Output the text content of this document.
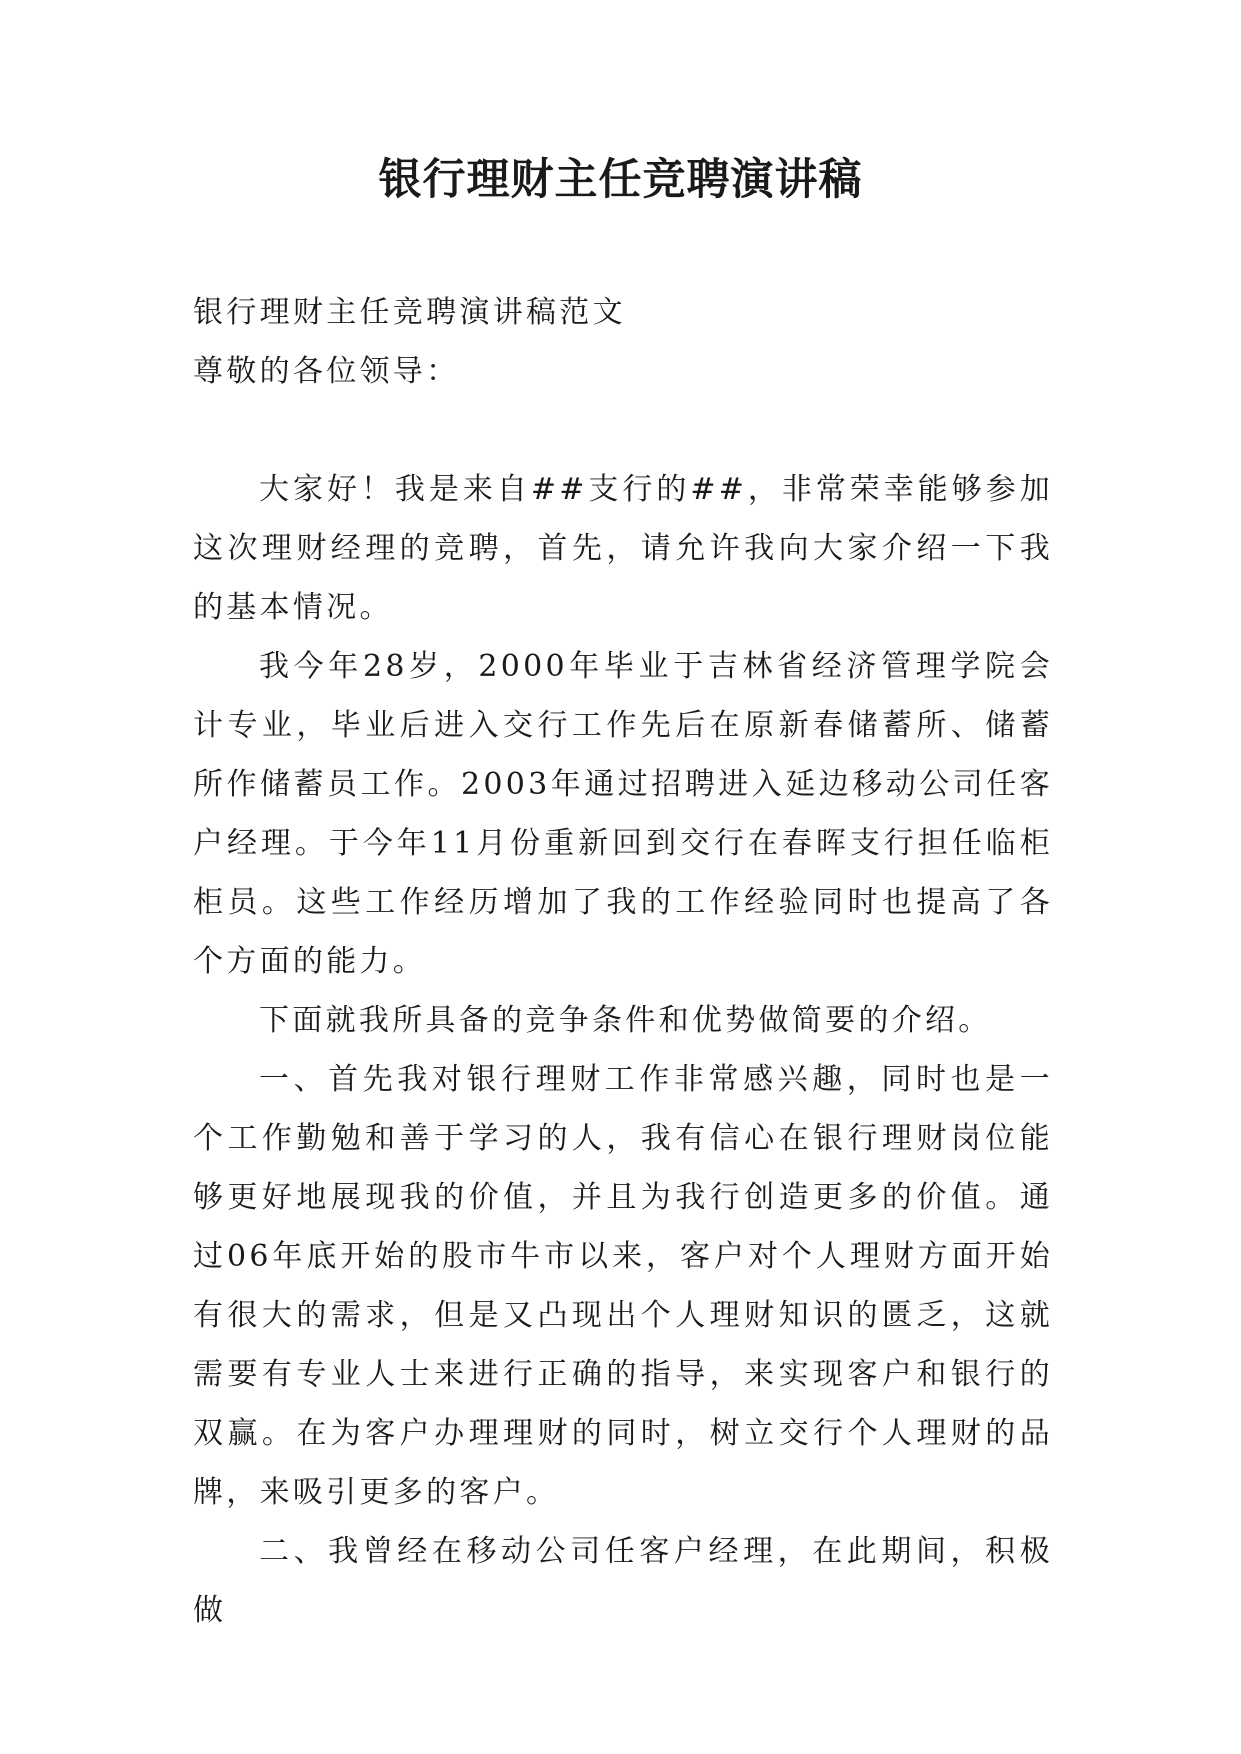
银行理财主任竞聘演讲稿

银行理财主任竞聘演讲稿范文

尊敬的各位领导：

大家好！我是来自##支行的##，非常荣幸能够参加这次理财经理的竞聘，首先，请允许我向大家介绍一下我的基本情况。

我今年28岁，2000年毕业于吉林省经济管理学院会计专业，毕业后进入交行工作先后在原新春储蓄所、储蓄所作储蓄员工作。2003年通过招聘进入延边移动公司任客户经理。于今年11月份重新回到交行在春晖支行担任临柜柜员。这些工作经历增加了我的工作经验同时也提高了各个方面的能力。

下面就我所具备的竞争条件和优势做简要的介绍。

一、首先我对银行理财工作非常感兴趣，同时也是一个工作勤勉和善于学习的人，我有信心在银行理财岗位能够更好地展现我的价值，并且为我行创造更多的价值。通过06年底开始的股市牛市以来，客户对个人理财方面开始有很大的需求，但是又凸现出个人理财知识的匮乏，这就需要有专业人士来进行正确的指导，来实现客户和银行的双赢。在为客户办理理财的同时，树立交行个人理财的品牌，来吸引更多的客户。

二、我曾经在移动公司任客户经理，在此期间，积极做
